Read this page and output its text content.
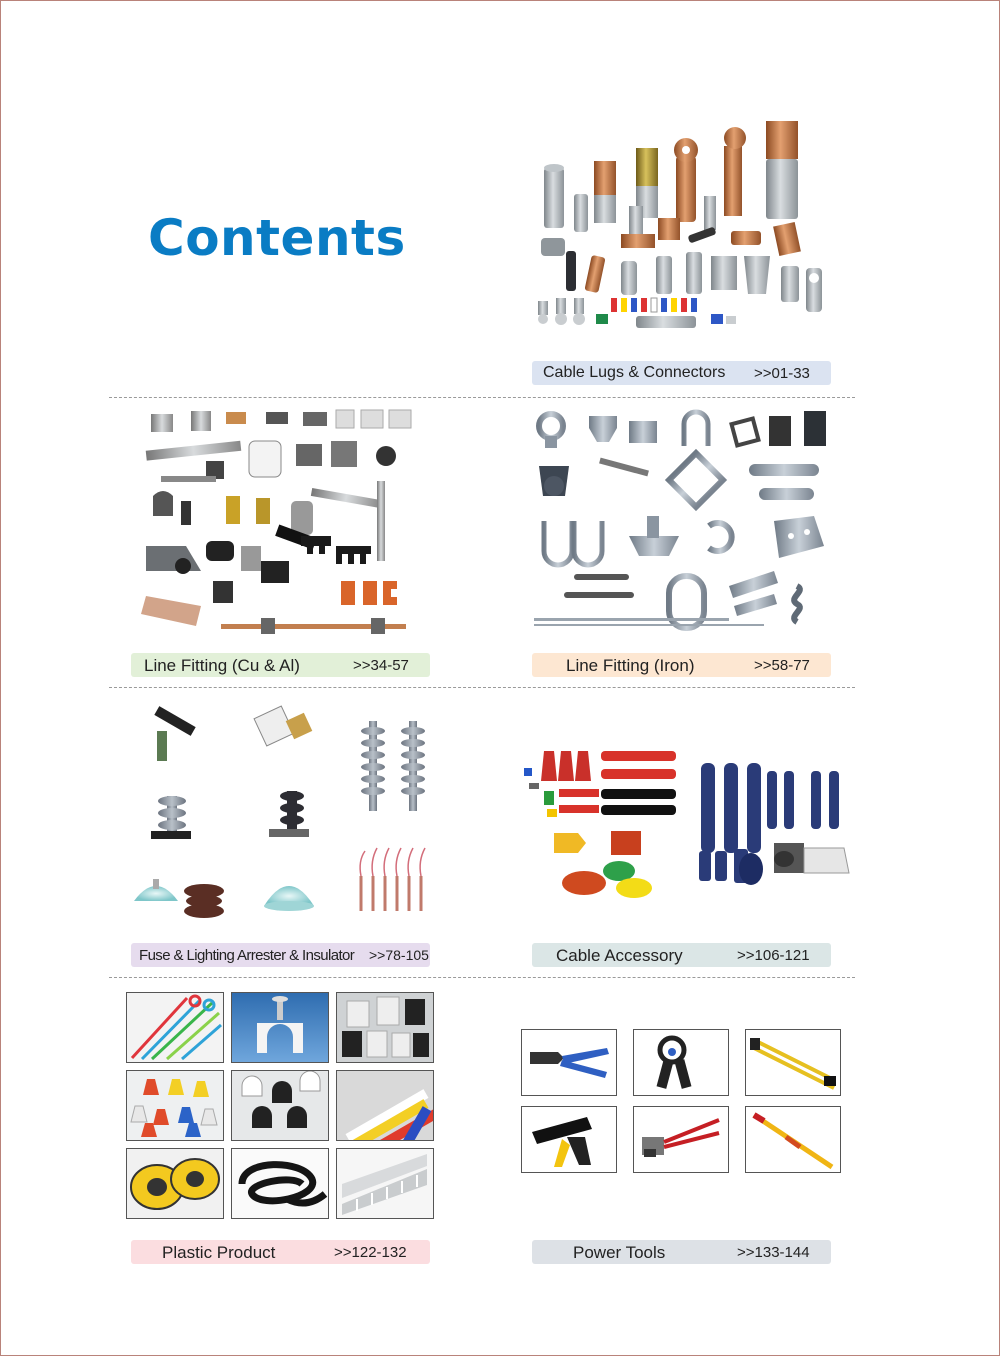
Contents
Cable Lugs & Connectors >>01-33
Line Fitting (Cu & Al)	>>34-57	Line Fitting (Iron)	>>58-77
Fuse & Lighting Arrester & Insulator >>78-105	Cable Accessory	>>106-121
Plastic Product	>>122-132	Power Tools	>>133-144
